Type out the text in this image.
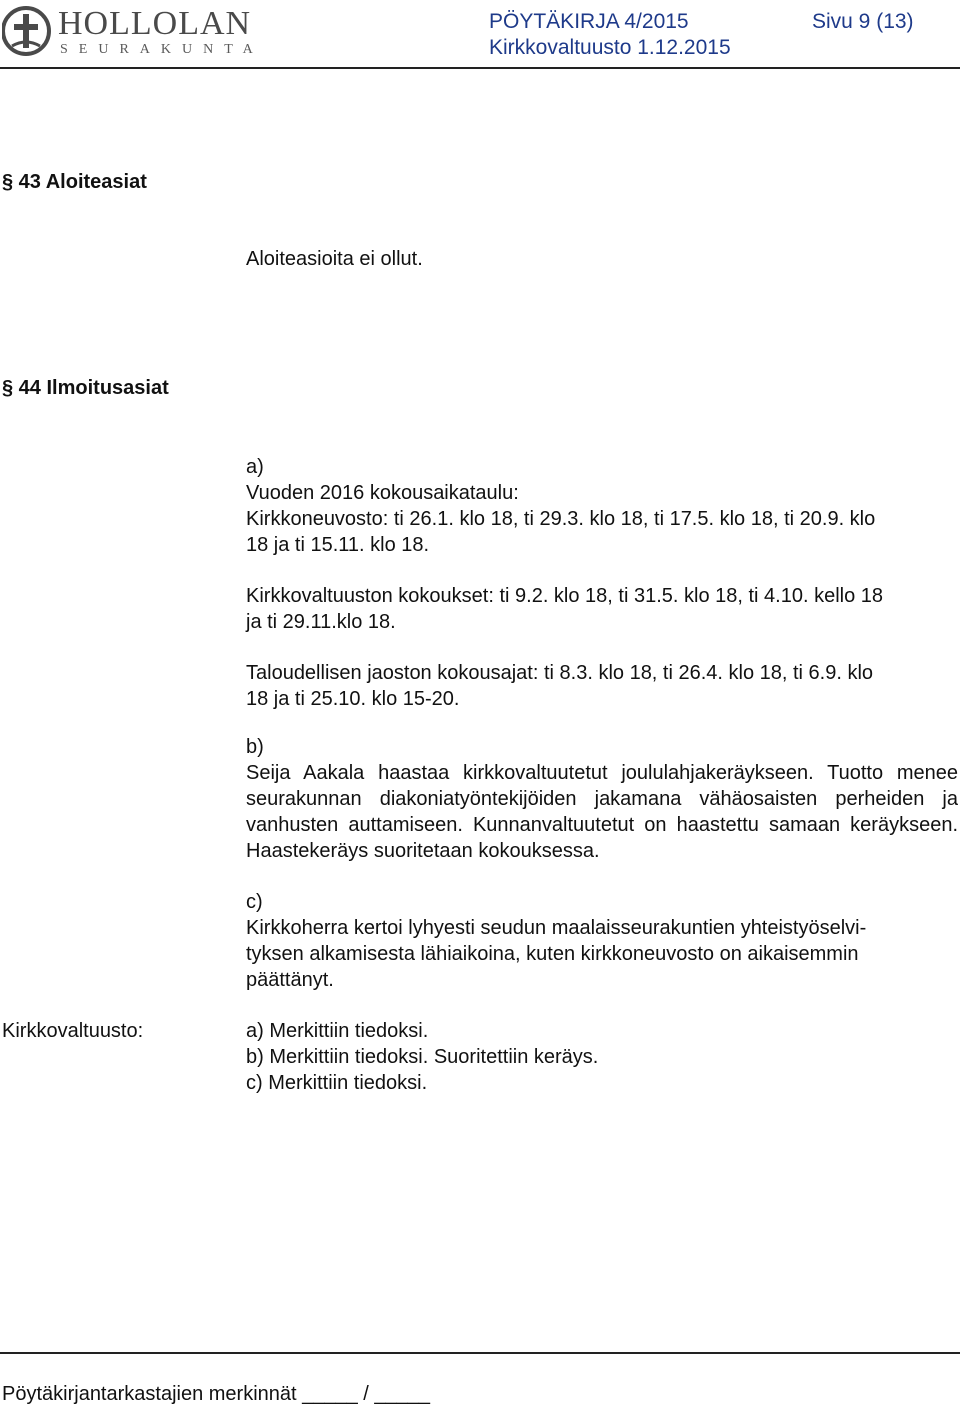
HOLLOLAN
SEURAKUNTA
PÖYTÄKIRJA 4/2015	Sivu 9 (13)
Kirkkovaltuusto 1.12.2015
§ 43 Aloiteasiat
Aloiteasioita ei ollut.
§ 44 Ilmoitusasiat
a)
Vuoden 2016 kokousaikataulu:
Kirkkoneuvosto: ti 26.1. klo 18, ti 29.3. klo 18, ti 17.5. klo 18, ti 20.9. klo
18 ja ti 15.11. klo 18.
Kirkkovaltuuston kokoukset: ti 9.2. klo 18, ti 31.5. klo 18, ti 4.10. kello 18
ja ti 29.11.klo 18.
Taloudellisen jaoston kokousajat: ti 8.3. klo 18, ti 26.4. klo 18, ti 6.9. klo
18 ja ti 25.10. klo 15-20.
b)
Seija Aakala haastaa kirkkovaltuutetut joululahjakeräykseen. Tuotto menee seurakunnan diakoniatyöntekijöiden jakamana vähäosaisten perheiden ja vanhusten auttamiseen. Kunnanvaltuutetut on haastettu samaan keräykseen. Haastekeräys suoritetaan kokouksessa.
c)
Kirkkoherra kertoi lyhyesti seudun maalaisseurakuntien yhteistyöselvi-
tyksen alkamisesta lähiaikoina, kuten kirkkoneuvosto on aikaisemmin
päättänyt.
Kirkkovaltuusto:	a) Merkittiin tiedoksi.
b) Merkittiin tiedoksi. Suoritettiin keräys.
c) Merkittiin tiedoksi.
Pöytäkirjantarkastajien merkinnät _____ / _____
